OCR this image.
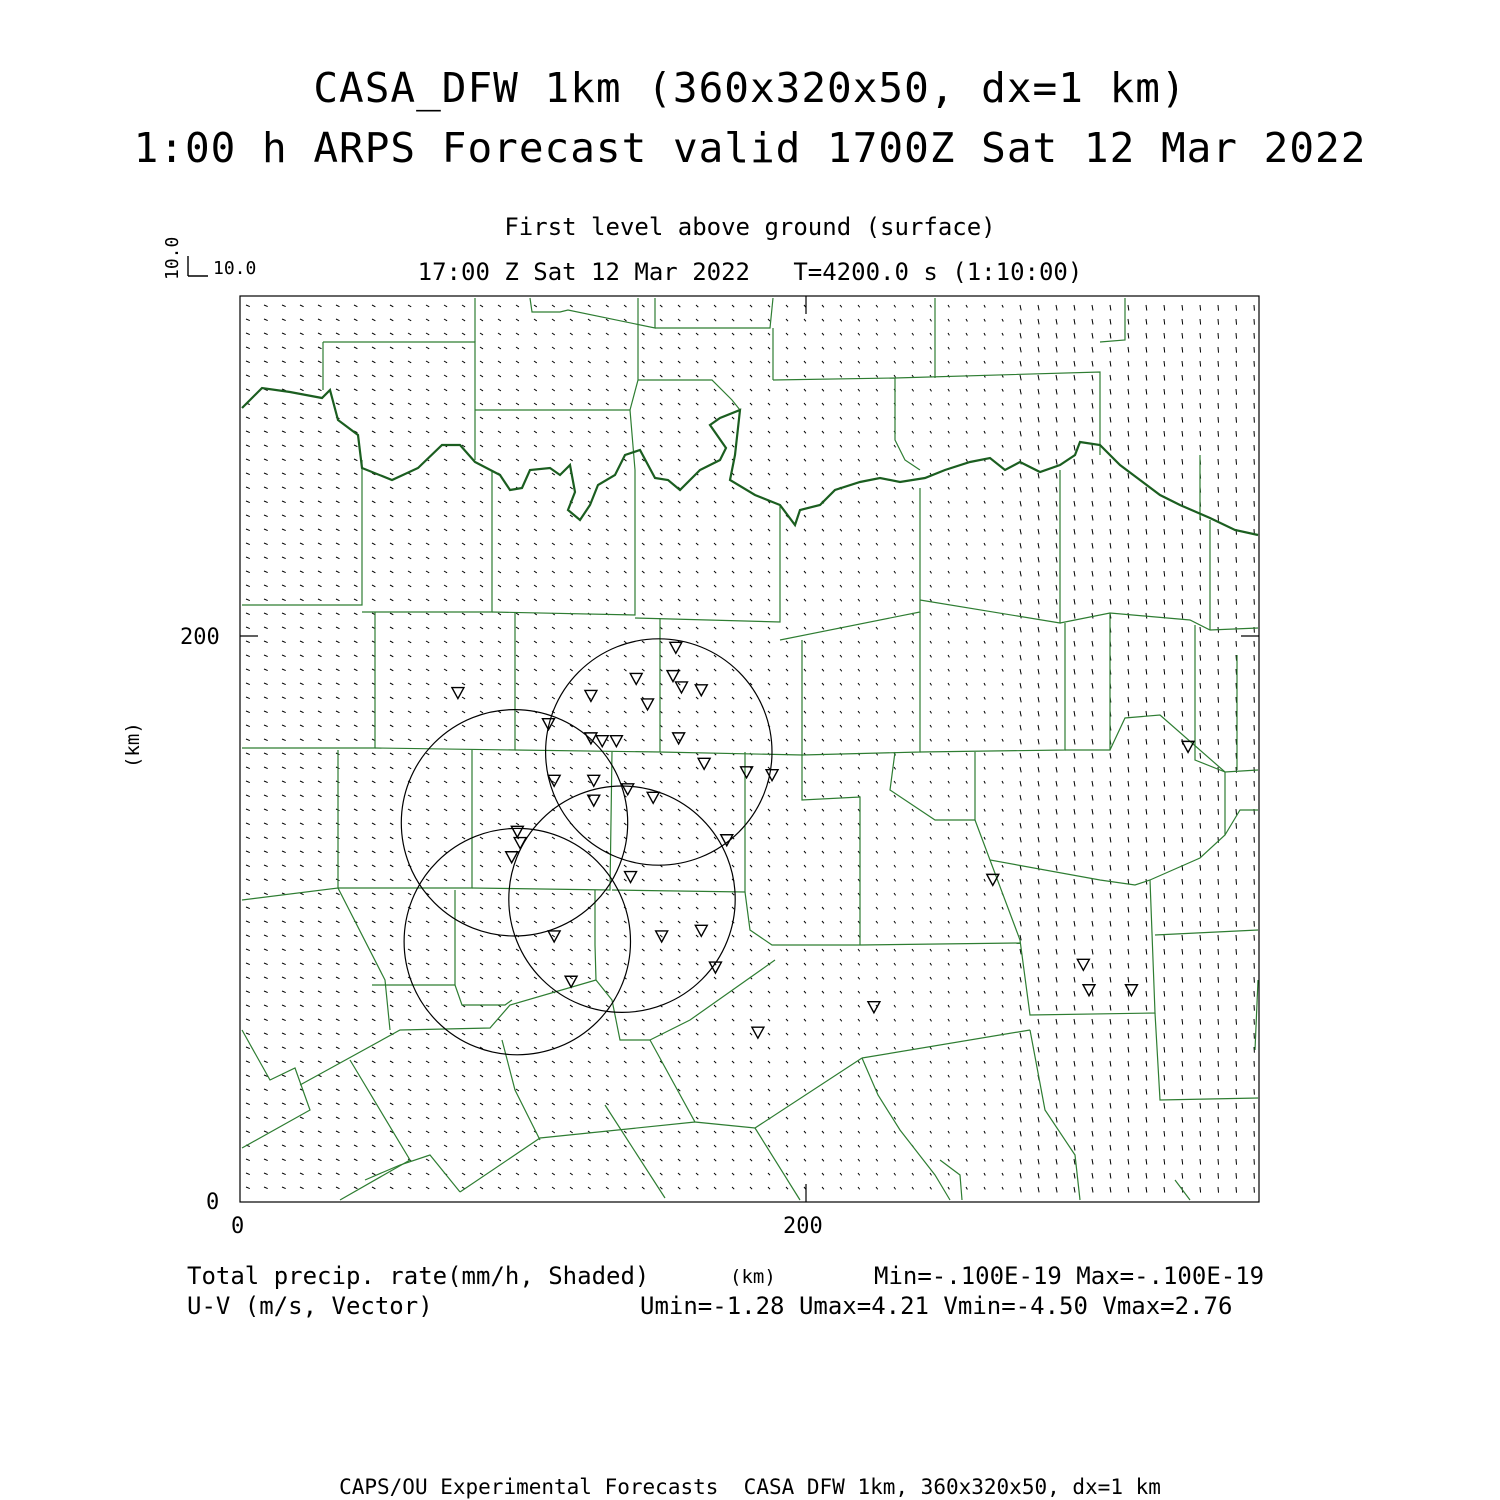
CASA_DFW 1km (360x320x50, dx=1 km)
1:00 h ARPS Forecast valid 1700Z Sat 12 Mar 2022
First level above ground (surface)
17:00 Z Sat 12 Mar 2022   T=4200.0 s (1:10:00)
10.0
10.0
0
200
0	200
(km)
(km)
Total precip. rate(mm/h, Shaded)
U-V (m/s, Vector)
Min=-.100E-19 Max=-.100E-19
Umin=-1.28 Umax=4.21 Vmin=-4.50 Vmax=2.76
CAPS/OU Experimental Forecasts  CASA DFW 1km, 360x320x50, dx=1 km
